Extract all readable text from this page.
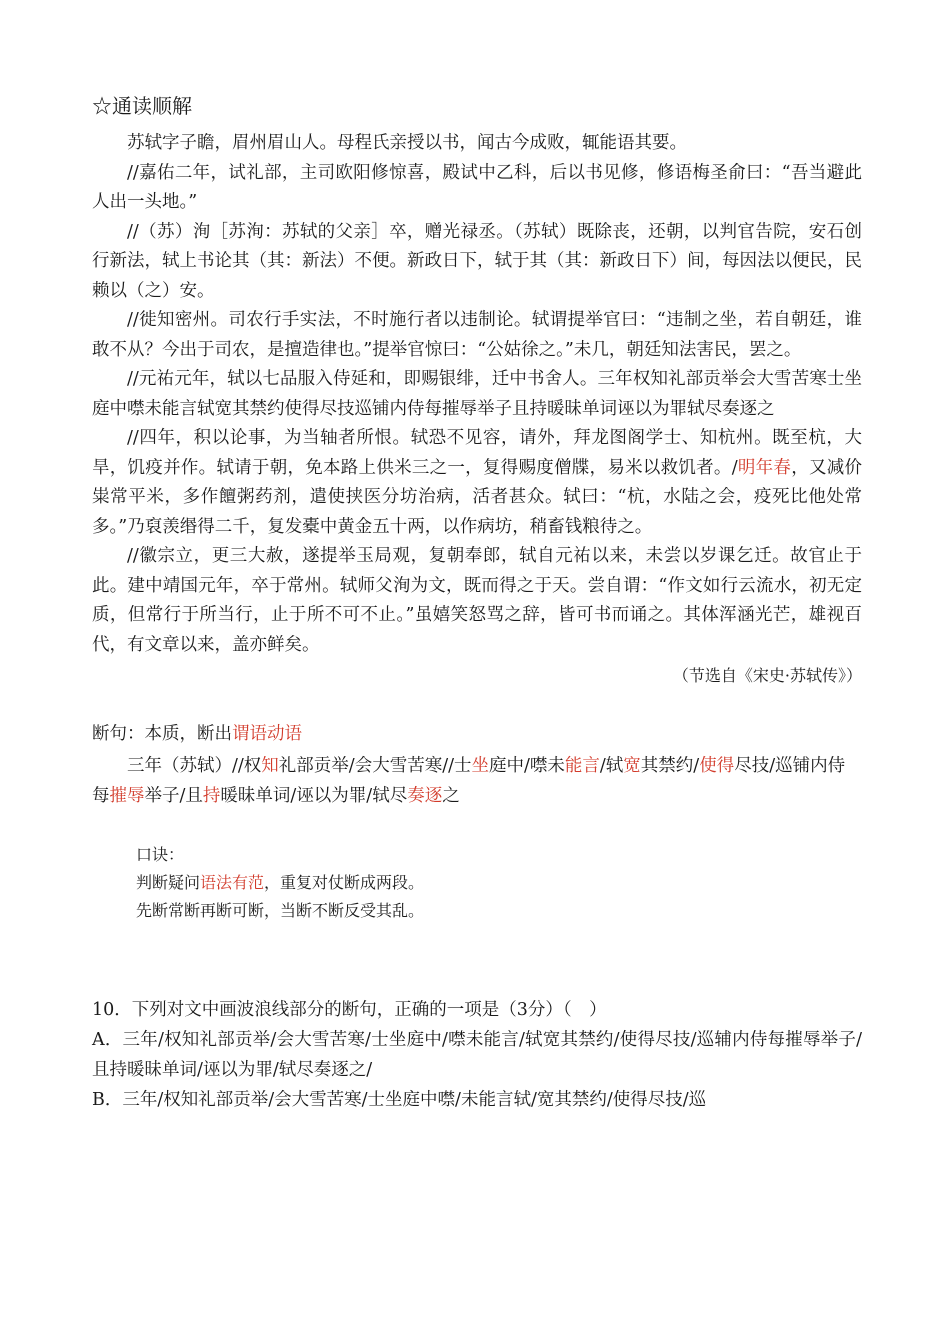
☆通读顺解

苏轼字子瞻，眉州眉山人。母程氏亲授以书，闻古今成败，辄能语其要。

//嘉佑二年，试礼部，主司欧阳修惊喜，殿试中乙科，后以书见修，修语梅圣俞曰：“吾当避此人出一头地。”

//（苏）洵［苏洵：苏轼的父亲］卒，赠光禄丞。（苏轼）既除丧，还朝，以判官告院，安石创行新法，轼上书论其（其：新法）不便。新政日下，轼于其（其：新政日下）间，每因法以便民，民赖以（之）安。

//徙知密州。司农行手实法，不时施行者以违制论。轼谓提举官曰：“违制之坐，若自朝廷，谁敢不从？今出于司农，是擅造律也。”提举官惊曰：“公姑徐之。”未几，朝廷知法害民，罢之。

//元祐元年，轼以七品服入侍延和，即赐银绯，迁中书舍人。三年权知礼部贡举会大雪苦寒士坐庭中噤未能言轼宽其禁约使得尽技巡铺内侍每摧辱举子且持暖昧单词诬以为罪轼尽奏逐之

//四年，积以论事，为当轴者所恨。轼恐不见容，请外，拜龙图阁学士、知杭州。既至杭，大旱，饥疫并作。轼请于朝，免本路上供米三之一，复得赐度僧牒，易米以救饥者。/明年春，又减价粜常平米，多作饘粥药剂，遣使挟医分坊治病，活者甚众。轼曰：“杭，水陆之会，疫死比他处常多。”乃裒羡缗得二千，复发橐中黄金五十两，以作病坊，稍畜钱粮待之。

//徽宗立，更三大赦，遂提举玉局观，复朝奉郎，轼自元祐以来，未尝以岁课乞迁。故官止于此。建中靖国元年，卒于常州。轼师父洵为文，既而得之于天。尝自谓：“作文如行云流水，初无定质，但常行于所当行，止于所不可不止。”虽嬉笑怒骂之辞，皆可书而诵之。其体浑涵光芒，雄视百代，有文章以来，盖亦鲜矣。

（节选自《宋史·苏轼传》）

断句：本质，断出谓语动语

三年（苏轼）//权知礼部贡举/会大雪苦寒//士坐庭中/噤未能言/轼宽其禁约/使得尽技/巡铺内侍每摧辱举子/且持暖昧单词/诬以为罪/轼尽奏逐之

口诀：

判断疑问语法有范，重复对仗断成两段。

先断常断再断可断，当断不断反受其乱。

10．下列对文中画波浪线部分的断句，正确的一项是（3分）（　）

A．三年/权知礼部贡举/会大雪苦寒/士坐庭中/噤未能言/轼宽其禁约/使得尽技/巡辅内侍每摧辱举子/且持暖昧单词/诬以为罪/轼尽奏逐之/

B．三年/权知礼部贡举/会大雪苦寒/士坐庭中噤/未能言轼/宽其禁约/使得尽技/巡
